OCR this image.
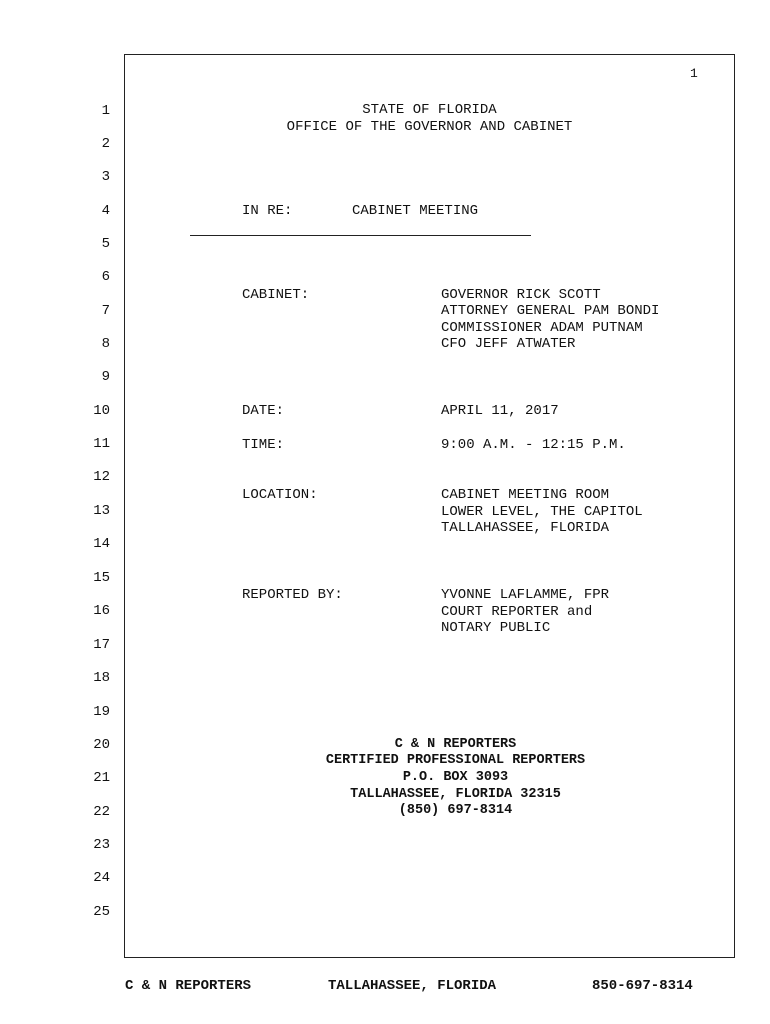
1
1
2
3
4
5
6
7
8
9
10
11
12
13
14
15
16
17
18
19
20
21
22
23
24
25
STATE OF FLORIDA
OFFICE OF THE GOVERNOR AND CABINET
IN RE:	CABINET MEETING
CABINET:	GOVERNOR RICK SCOTT
ATTORNEY GENERAL PAM BONDI
COMMISSIONER ADAM PUTNAM
CFO JEFF ATWATER
DATE:	APRIL 11, 2017
TIME:	9:00 A.M. - 12:15 P.M.
LOCATION:	CABINET MEETING ROOM
LOWER LEVEL, THE CAPITOL
TALLAHASSEE, FLORIDA
REPORTED BY:	YVONNE LAFLAMME, FPR
COURT REPORTER and
NOTARY PUBLIC
C & N REPORTERS
CERTIFIED PROFESSIONAL REPORTERS
P.O. BOX 3093
TALLAHASSEE, FLORIDA 32315
(850) 697-8314
C & N REPORTERS	TALLAHASSEE, FLORIDA	850-697-8314
